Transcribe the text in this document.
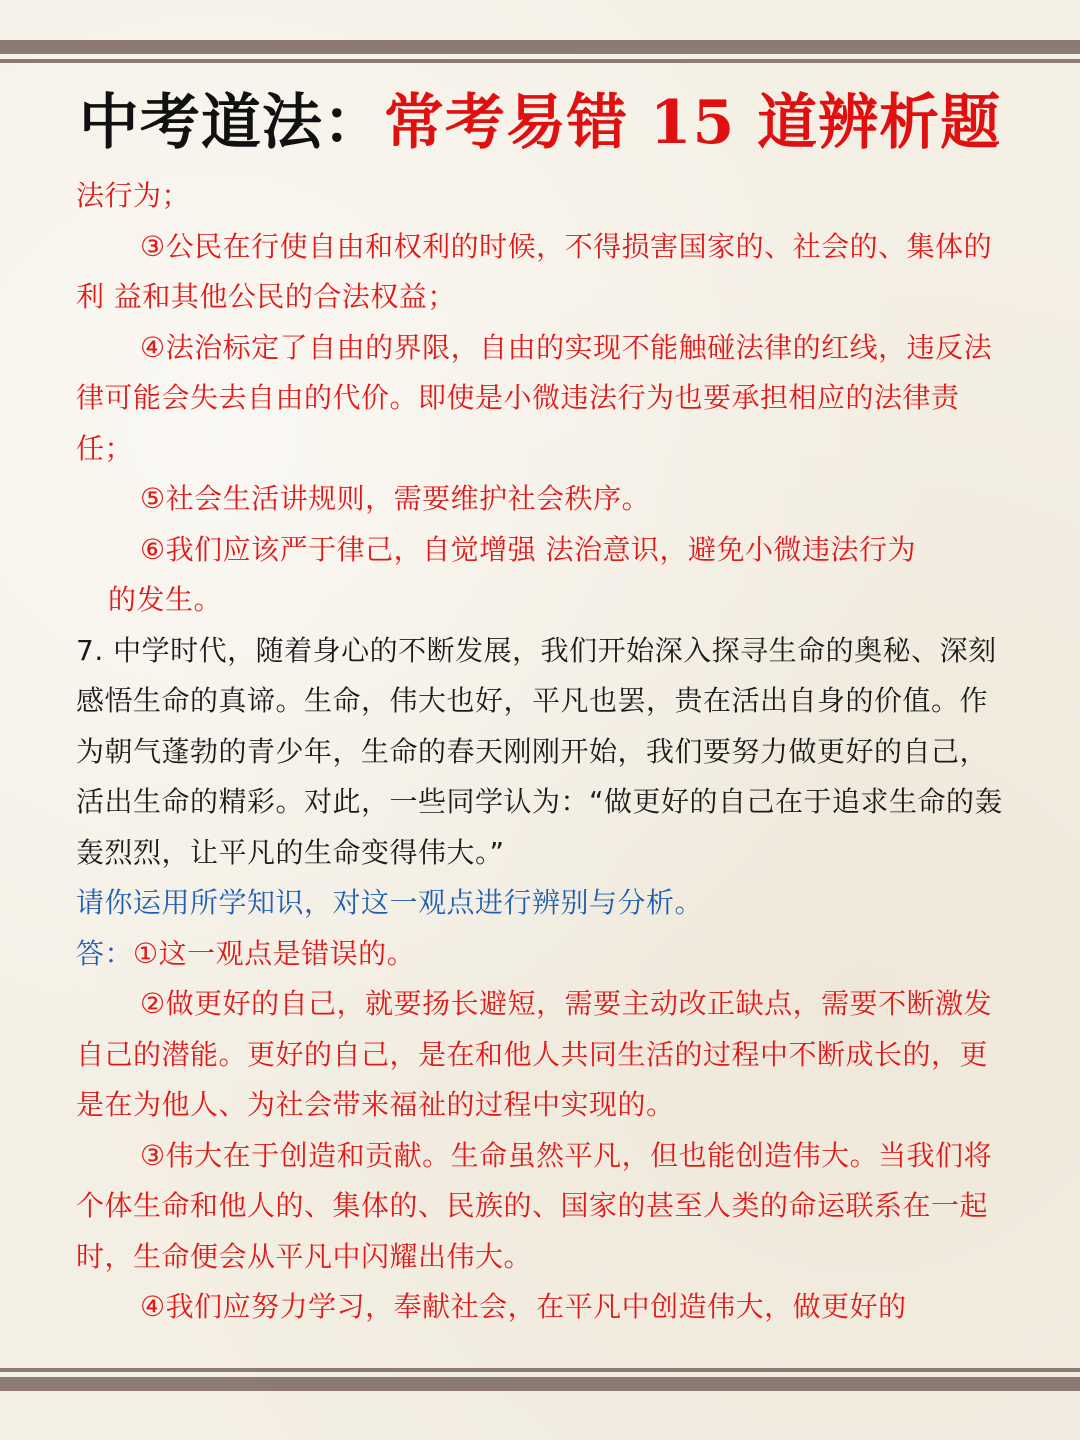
中考道法：常考易错 15 道辨析题

法行为；

③公民在行使自由和权利的时候，不得损害国家的、社会的、集体的利 益和其他公民的合法权益；

④法治标定了自由的界限，自由的实现不能触碰法律的红线，违反法 律可能会失去自由的代价。即使是小微违法行为也要承担相应的法律责任；

⑤社会生活讲规则，需要维护社会秩序。

⑥我们应该严于律己，自觉增强 法治意识，避免小微违法行为

的发生。

7. 中学时代，随着身心的不断发展，我们开始深入探寻生命的奥秘、深刻感悟生命的真谛。生命，伟大也好，平凡也罢，贵在活出自身的价值。作为朝气蓬勃的青少年，生命的春天刚刚开始，我们要努力做更好的自己，活出生命的精彩。对此，一些同学认为：“做更好的自己在于追求生命的轰轰烈烈，让平凡的生命变得伟大。”

请你运用所学知识，对这一观点进行辨别与分析。

答：①这一观点是错误的。

②做更好的自己，就要扬长避短，需要主动改正缺点，需要不断激发自己的潜能。更好的自己，是在和他人共同生活的过程中不断成长的，更是在为他人、为社会带来福祉的过程中实现的。

③伟大在于创造和贡献。生命虽然平凡，但也能创造伟大。当我们将个体生命和他人的、集体的、民族的、国家的甚至人类的命运联系在一起时，生命便会从平凡中闪耀出伟大。

④我们应努力学习，奉献社会，在平凡中创造伟大，做更好的
